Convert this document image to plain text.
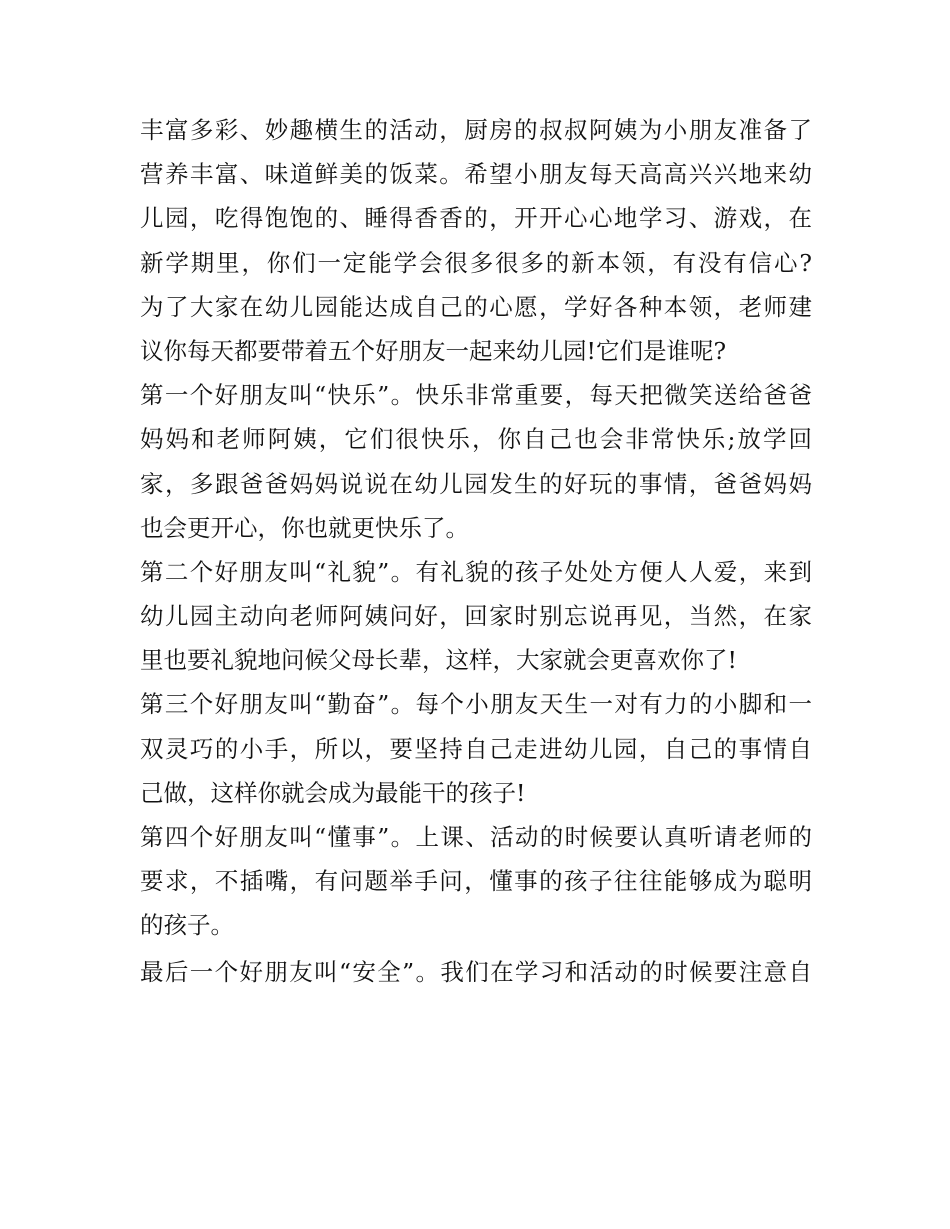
丰富多彩、妙趣横生的活动，厨房的叔叔阿姨为小朋友准备了
营养丰富、味道鲜美的饭菜。希望小朋友每天高高兴兴地来幼
儿园，吃得饱饱的、睡得香香的，开开心心地学习、游戏，在
新学期里，你们一定能学会很多很多的新本领，有没有信心?
为了大家在幼儿园能达成自己的心愿，学好各种本领，老师建
议你每天都要带着五个好朋友一起来幼儿园!它们是谁呢?
第一个好朋友叫“快乐”。快乐非常重要，每天把微笑送给爸爸
妈妈和老师阿姨，它们很快乐，你自己也会非常快乐;放学回
家，多跟爸爸妈妈说说在幼儿园发生的好玩的事情，爸爸妈妈
也会更开心，你也就更快乐了。
第二个好朋友叫“礼貌”。有礼貌的孩子处处方便人人爱，来到
幼儿园主动向老师阿姨问好，回家时别忘说再见，当然，在家
里也要礼貌地问候父母长辈，这样，大家就会更喜欢你了!
第三个好朋友叫“勤奋”。每个小朋友天生一对有力的小脚和一
双灵巧的小手，所以，要坚持自己走进幼儿园，自己的事情自
己做，这样你就会成为最能干的孩子!
第四个好朋友叫“懂事”。上课、活动的时候要认真听请老师的
要求，不插嘴，有问题举手问，懂事的孩子往往能够成为聪明
的孩子。
最后一个好朋友叫“安全”。我们在学习和活动的时候要注意自
